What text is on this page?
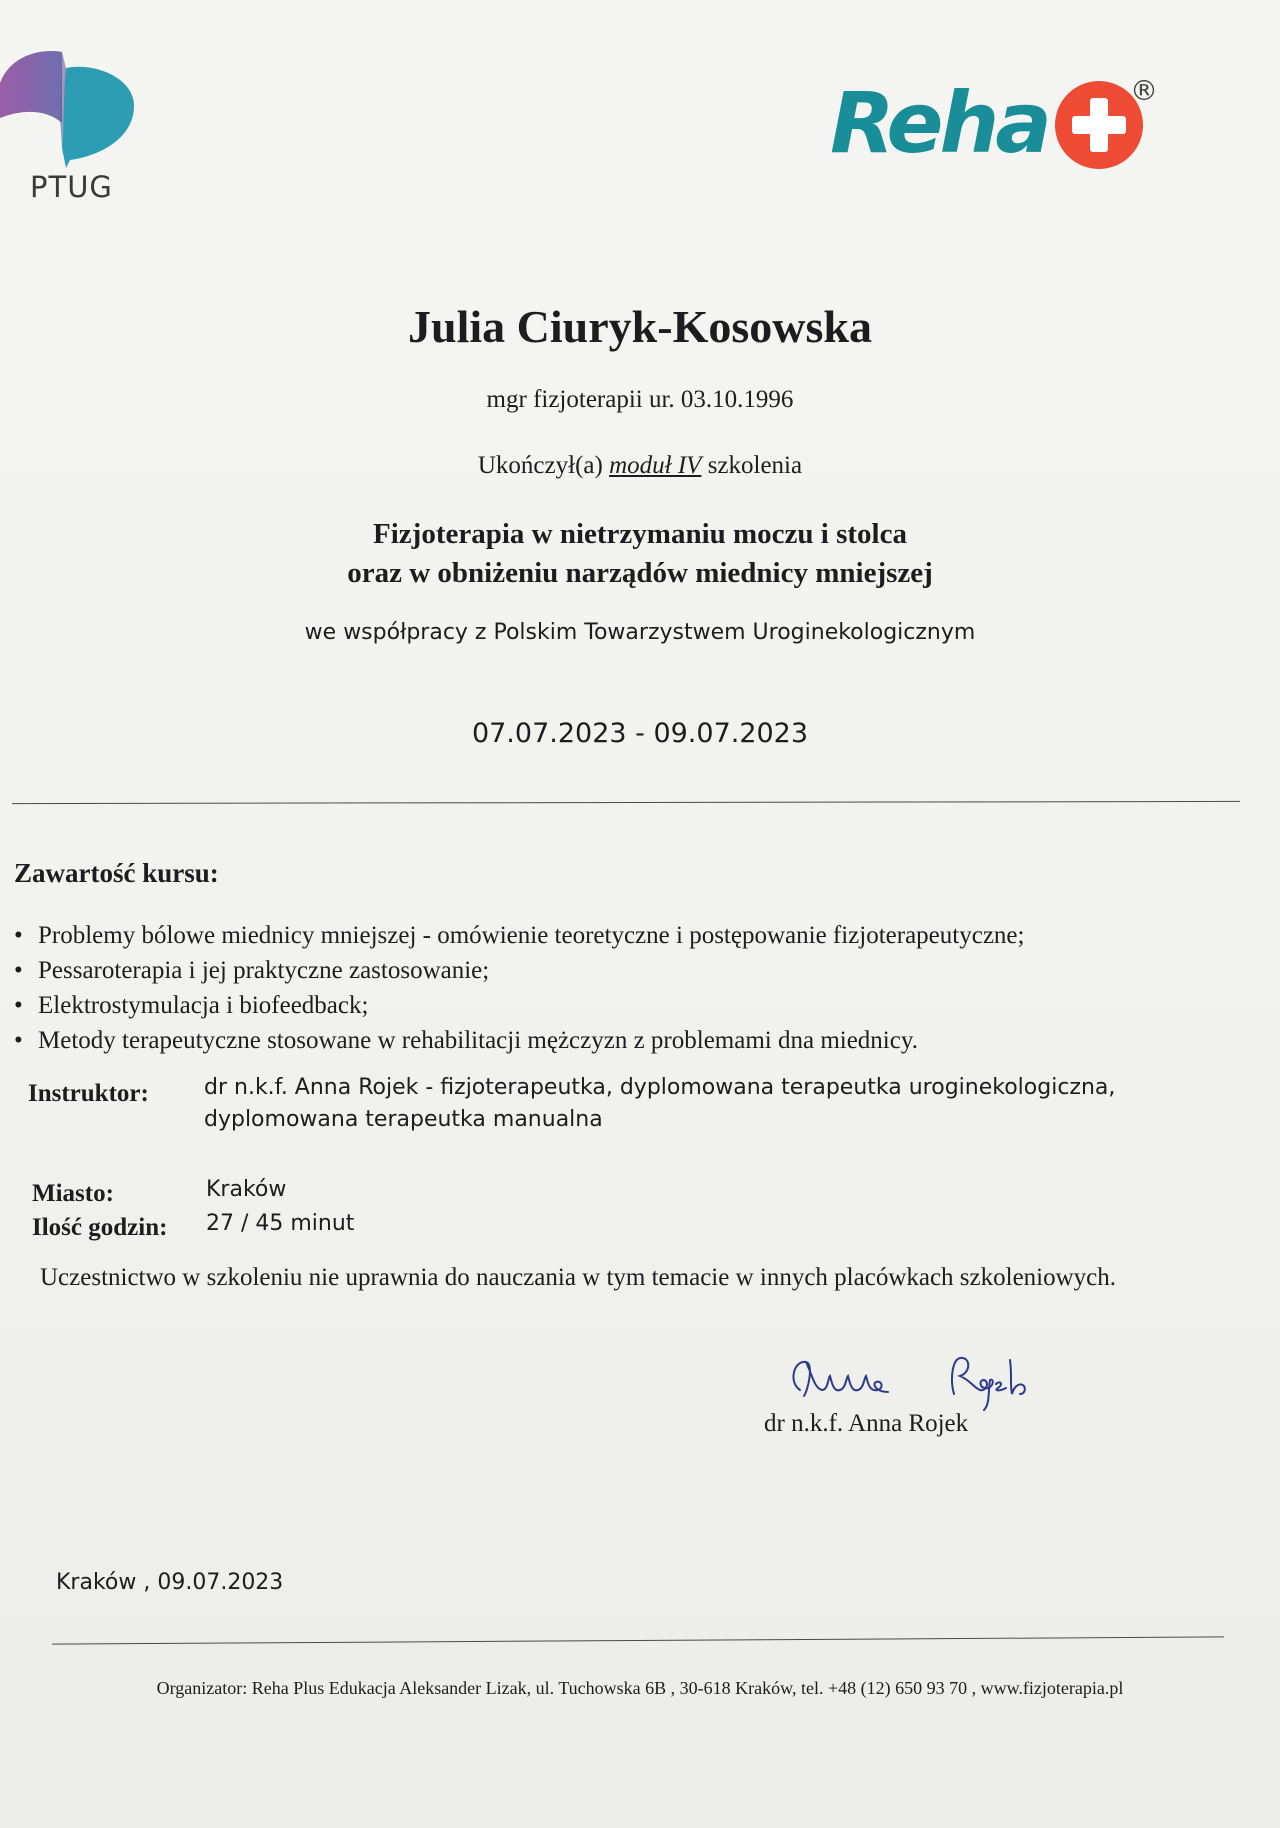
PTUG
Reha	®
Julia Ciuryk-Kosowska
mgr fizjoterapii ur. 03.10.1996
Ukończył(a) moduł IV szkolenia
Fizjoterapia w nietrzymaniu moczu i stolca
oraz w obniżeniu narządów miednicy mniejszej
we współpracy z Polskim Towarzystwem Uroginekologicznym
07.07.2023 - 09.07.2023
Zawartość kursu:
• Problemy bólowe miednicy mniejszej - omówienie teoretyczne i postępowanie fizjoterapeutyczne;
• Pessaroterapia i jej praktyczne zastosowanie;
• Elektrostymulacja i biofeedback;
• Metody terapeutyczne stosowane w rehabilitacji mężczyzn z problemami dna miednicy.
Instruktor:	dr n.k.f. Anna Rojek - fizjoterapeutka, dyplomowana terapeutka uroginekologiczna,
dyplomowana terapeutka manualna
Miasto:	Kraków
Ilość godzin: 27 / 45 minut
Uczestnictwo w szkoleniu nie uprawnia do nauczania w tym temacie w innych placówkach szkoleniowych.
dr n.k.f. Anna Rojek
Kraków , 09.07.2023
Organizator: Reha Plus Edukacja Aleksander Lizak, ul. Tuchowska 6B , 30-618 Kraków, tel. +48 (12) 650 93 70 , www.fizjoterapia.pl
